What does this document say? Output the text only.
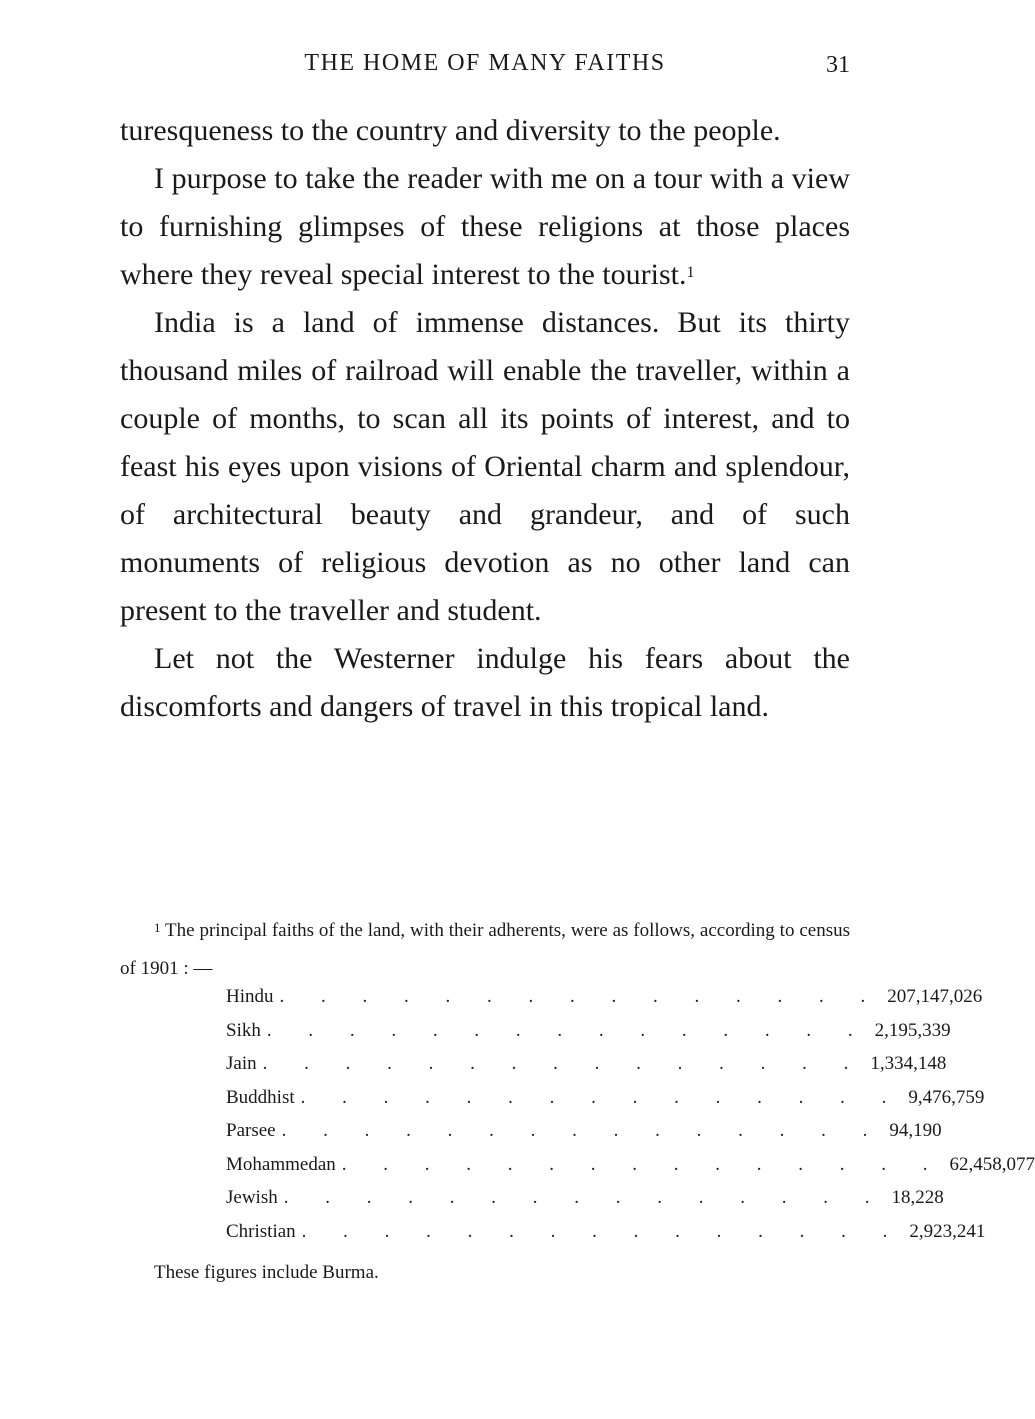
THE HOME OF MANY FAITHS	31

turesqueness to the country and diversity to the people.

I purpose to take the reader with me on a tour with a view to furnishing glimpses of these religions at those places where they reveal special interest to the tourist.$^1$

India is a land of immense distances. But its thirty thousand miles of railroad will enable the traveller, within a couple of months, to scan all its points of interest, and to feast his eyes upon visions of Oriental charm and splendour, of architectural beauty and grandeur, and of such monuments of religious devotion as no other land can present to the traveller and student.

Let not the Westerner indulge his fears about the discomforts and dangers of travel in this tropical land.

$^1$ The principal faiths of the land, with their adherents, were as follows, according to census of 1901 : —

Hindu . . . . . . . . . . . . . . . 207,147,026
Sikh . . . . . . . . . . . . . . . 2,195,339
Jain . . . . . . . . . . . . . . . 1,334,148
Buddhist . . . . . . . . . . . . . . . 9,476,759
Parsee . . . . . . . . . . . . . . . 94,190
Mohammedan . . . . . . . . . . . . . . . 62,458,077
Jewish . . . . . . . . . . . . . . . 18,228
Christian . . . . . . . . . . . . . . . 2,923,241
These figures include Burma.
